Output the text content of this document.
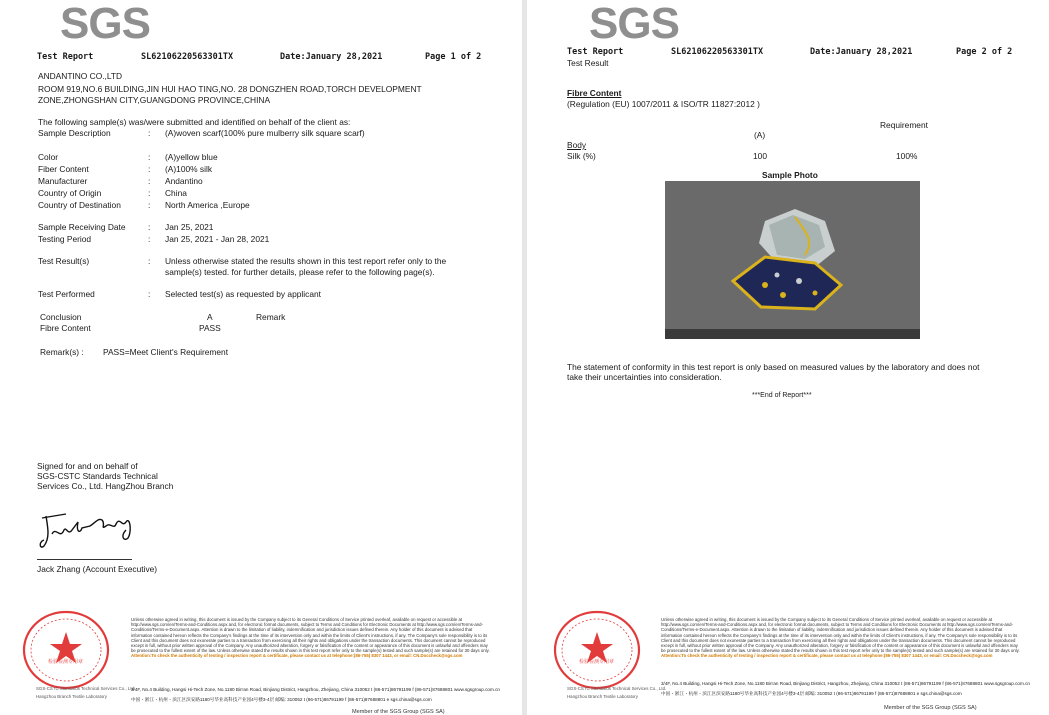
SGS
Test Report	SL62106220563301TX	Date:January 28,2021	Page 1 of 2
ANDANTINO CO.,LTD
ROOM 919,NO.6 BUILDING,JIN HUI HAO TING,NO. 28 DONGZHEN ROAD,TORCH DEVELOPMENT
ZONE,ZHONGSHAN CITY,GUANGDONG PROVINCE,CHINA
The following sample(s) was/were submitted and identified on behalf of the client as:
Sample Description	: (A)woven scarf(100% pure mulberry silk square scarf)
Color	: (A)yellow blue
Fiber Content	: (A)100% silk
Manufacturer	: Andantino
Country of Origin	: China
Country of Destination	: North America ,Europe
Sample Receiving Date	: Jan 25, 2021
Testing Period	: Jan 25, 2021 - Jan 28, 2021
Test Result(s)	: Unless otherwise stated the results shown in this test report refer only to the
sample(s) tested. for further details, please refer to the following page(s).
Test Performed	: Selected test(s) as requested by applicant
Conclusion	A	Remark
Fibre Content	PASS
Remark(s) : PASS=Meet Client's Requirement
Signed for and on behalf of
SGS-CSTC Standards Technical
Services Co., Ltd. HangZhou Branch
Jack Zhang (Account Executive)
检验检测专用章
SGS-CSTC Standards Technical Services Co., Ltd.
Hangzhou Branch Textile Laboratory
Unless otherwise agreed in writing, this document is issued by the Company subject to its General Conditions of Service printed overleaf, available on request or accessible at http://www.sgs.com/en/Terms-and-Conditions.aspx and, for electronic format documents, subject to Terms and Conditions for Electronic Documents at http://www.sgs.com/en/Terms-and-Conditions/Terms-e-Document.aspx. Attention is drawn to the limitation of liability, indemnification and jurisdiction issues defined therein. Any holder of this document is advised that information contained hereon reflects the Company's findings at the time of its intervention only and within the limits of Client's instructions, if any. The Company's sole responsibility is to its Client and this document does not exonerate parties to a transaction from exercising all their rights and obligations under the transaction documents. This document cannot be reproduced except in full, without prior written approval of the Company. Any unauthorized alteration, forgery or falsification of the content or appearance of this document is unlawful and offenders may be prosecuted to the fullest extent of the law. Unless otherwise stated the results shown in this test report refer only to the sample(s) tested and such sample(s) are retained for 30 days only. Attention:To check the authenticity of testing / inspection report & certificate, please contact us at telephone:(86-755) 8307 1443, or email: CN.Doccheck@sgs.com
3/4F, No.4 Building, Hangsi Hi-Tech Zone, No.1180 Bin'an Road, Binjiang District, Hangzhou, Zhejiang, China 310052 t (86-571)86791199 f (86-571)87688801 www.sgsgroup.com.cn
中国・浙江・杭州・滨江区滨安路1180号华业高科技产业园4号楼3-4层 邮编: 310052 t (86-571)86791199 f (86-571)87688801 e sgs.china@sgs.com
Member of the SGS Group (SGS SA)
SGS
Test Report	SL62106220563301TX	Date:January 28,2021	Page 2 of 2
Test Result
Fibre Content
(Regulation (EU) 1007/2011 & ISO/TR 11827:2012 )
Requirement
(A)
Body
Silk (%)	100	100%
Sample Photo
The statement of conformity in this test report is only based on measured values by the laboratory and does not
take their uncertainties into consideration.
***End of Report***
检验检测专用章
SGS-CSTC Standards Technical Services Co., Ltd.
Hangzhou Branch Textile Laboratory
Unless otherwise agreed in writing, this document is issued by the Company subject to its General Conditions of Service printed overleaf, available on request or accessible at http://www.sgs.com/en/Terms-and-Conditions.aspx and, for electronic format documents, subject to Terms and Conditions for Electronic Documents at http://www.sgs.com/en/Terms-and-Conditions/Terms-e-Document.aspx. Attention is drawn to the limitation of liability, indemnification and jurisdiction issues defined therein. Any holder of this document is advised that information contained hereon reflects the Company's findings at the time of its intervention only and within the limits of Client's instructions, if any. The Company's sole responsibility is to its Client and this document does not exonerate parties to a transaction from exercising all their rights and obligations under the transaction documents. This document cannot be reproduced except in full, without prior written approval of the Company. Any unauthorized alteration, forgery or falsification of the content or appearance of this document is unlawful and offenders may be prosecuted to the fullest extent of the law. Unless otherwise stated the results shown in this test report refer only to the sample(s) tested and such sample(s) are retained for 30 days only. Attention:To check the authenticity of testing / inspection report & certificate, please contact us at telephone:(86-755) 8307 1443, or email: CN.Doccheck@sgs.com
3/4F, No.4 Building, Hangsi Hi-Tech Zone, No.1180 Bin'an Road, Binjiang District, Hangzhou, Zhejiang, China 310052 t (86-571)86791199 f (86-571)87688801 www.sgsgroup.com.cn
中国・浙江・杭州・滨江区滨安路1180号华业高科技产业园4号楼3-4层 邮编: 310052 t (86-571)86791199 f (86-571)87688801 e sgs.china@sgs.com
Member of the SGS Group (SGS SA)
